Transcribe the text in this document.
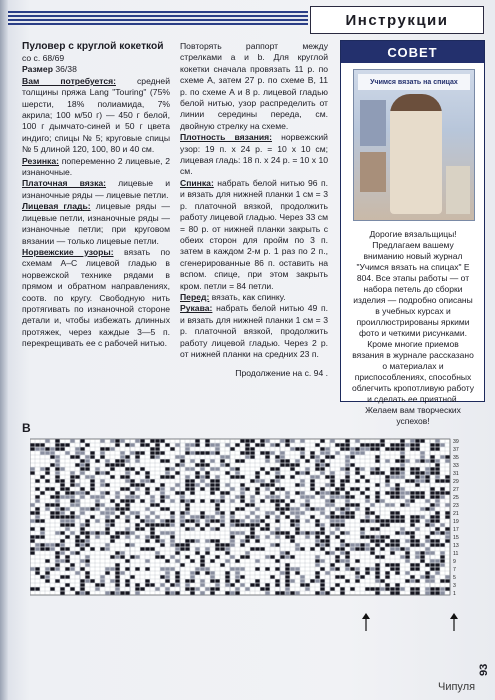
Инструкции

Пуловер с круглой кокеткой

со с. 68/69

Размер 36/38

Вам потребуется: средней толщины пряжа Lang "Touring" (75% шерсти, 18% полиамида, 7% акрила; 100 м/50 г) — 450 г белой, 100 г дымчато-синей и 50 г цвета индиго; спицы № 5; круговые спицы № 5 длиной 120, 100, 80 и 40 см.

Резинка: попеременно 2 лицевые, 2 изнаночные.

Платочная вязка: лицевые и изнаночные ряды — лицевые петли.

Лицевая гладь: лицевые ряды — лицевые петли, изнаночные ряды — изнаночные петли; при круговом вязании — только лицевые петли.

Норвежские узоры: вязать по схемам А–С лицевой гладью в норвежской технике рядами в прямом и обратном направлениях, соотв. по кругу. Свободную нить протягивать по изнаночной стороне детали и, чтобы избежать длинных протяжек, через каждые 3—5 п. перекрещивать ее с рабочей нитью.

Повторять раппорт между стрелками a и b. Для круглой кокетки сначала провязать 11 р. по схеме А, затем 27 р. по схеме В, 11 р. по схеме А и 8 р. лицевой гладью белой нитью, узор распределить от линии середины переда, см. двойную стрелку на схеме.

Плотность вязания: норвежский узор: 19 п. х 24 р. = 10 х 10 см; лицевая гладь: 18 п. х 24 р. = 10 х 10 см.

Спинка: набрать белой нитью 96 п. и вязать для нижней планки 1 см = 3 р. платочной вязкой, продолжить работу лицевой гладью. Через 33 см = 80 р. от нижней планки закрыть с обеих сторон для пройм по 3 п. затем в каждом 2-м р. 1 раз по 2 п., сгенерированные 86 п. оставить на вспом. спице, при этом закрыть кром. петли = 84 петли.

Перед: вязать, как спинку.

Рукава: набрать белой нитью 49 п. и вязать для нижней планки 1 см = 3 р. платочной вязкой, продолжить работу лицевой гладью. Через 2 р. от нижней планки на средних 23 п.

Продолжение на с. 94 .

СОВЕТ
Учимся вязать на спицах
Дорогие вязальщицы! Предлагаем вашему вниманию новый журнал "Учимся вязать на спицах" Е 804. Все этапы работы — от набора петель до сборки изделия — подробно описаны в учебных курсах и проиллюстрированы яркими фото и четкими рисунками. Кроме многие приемов вязания в журнале рассказано о материалах и приспособлениях, способных облегчить кропотливую работу и сделать ее приятной. Желаем вам творческих успехов!
B
1
3
5
7
9
11
13
15
17
19
21
23
25
27
29
31
33
35
37
39
93
Чипуля
